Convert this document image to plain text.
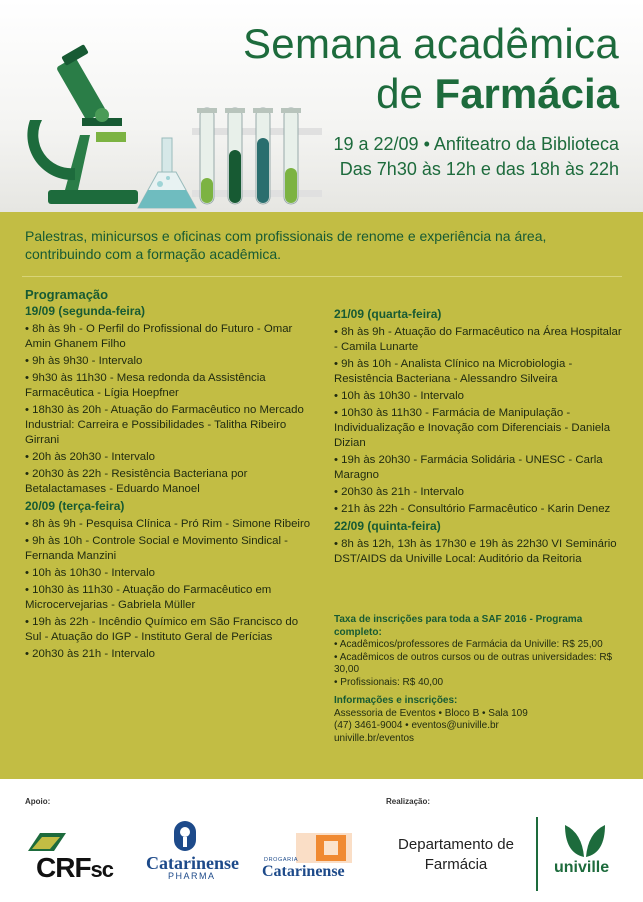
Semana acadêmica
de Farmácia
19 a 22/09 • Anfiteatro da Biblioteca
Das 7h30 às 12h e das 18h às 22h
Palestras, minicursos e oficinas com profissionais de renome e experiência na área, contribuindo com a formação acadêmica.
Programação
19/09 (segunda-feira)
• 8h às 9h - O Perfil do Profissional do Futuro - Omar Amin Ghanem Filho
• 9h às 9h30 - Intervalo
• 9h30 às 11h30 - Mesa redonda da Assistência Farmacêutica - Lígia Hoepfner
• 18h30 às 20h - Atuação do Farmacêutico no Mercado Industrial: Carreira e Possibilidades - Talitha Ribeiro Girrani
• 20h às 20h30 - Intervalo
• 20h30 às 22h - Resistência Bacteriana por Betalactamases - Eduardo Manoel
20/09 (terça-feira)
• 8h às 9h - Pesquisa Clínica - Pró Rim - Simone Ribeiro
• 9h às 10h - Controle Social e Movimento Sindical - Fernanda Manzini
• 10h às 10h30 - Intervalo
• 10h30 às 11h30 - Atuação do Farmacêutico em Microcervejarias - Gabriela Müller
• 19h às 22h - Incêndio Químico em São Francisco do Sul - Atuação do IGP - Instituto Geral de Perícias
• 20h30 às 21h - Intervalo
21/09 (quarta-feira)
• 8h às 9h - Atuação do Farmacêutico na Área Hospitalar - Camila Lunarte
• 9h às 10h - Analista Clínico na Microbiologia - Resistência Bacteriana - Alessandro Silveira
• 10h às 10h30 - Intervalo
• 10h30 às 11h30 - Farmácia de Manipulação - Individualização e Inovação com Diferenciais - Daniela Dizian
• 19h às 20h30 - Farmácia Solidária - UNESC - Carla Maragno
• 20h30 às 21h - Intervalo
• 21h às 22h - Consultório Farmacêutico - Karin Denez
22/09 (quinta-feira)
• 8h às 12h, 13h às 17h30 e 19h às 22h30 VI Seminário DST/AIDS da Univille Local: Auditório da Reitoria
Taxa de inscrições para toda a SAF 2016 - Programa completo:
• Acadêmicos/professores de Farmácia da Univille: R$ 25,00
• Acadêmicos de outros cursos ou de outras universidades: R$ 30,00
• Profissionais: R$ 40,00
Informações e inscrições:
Assessoria de Eventos • Bloco B • Sala 109
(47) 3461-9004 • eventos@univille.br
univille.br/eventos
Apoio:	Realização:
CRFsc Catarinense
PHARMA
DROGARIA
Catarinense
Departamento de
Farmácia	univille
